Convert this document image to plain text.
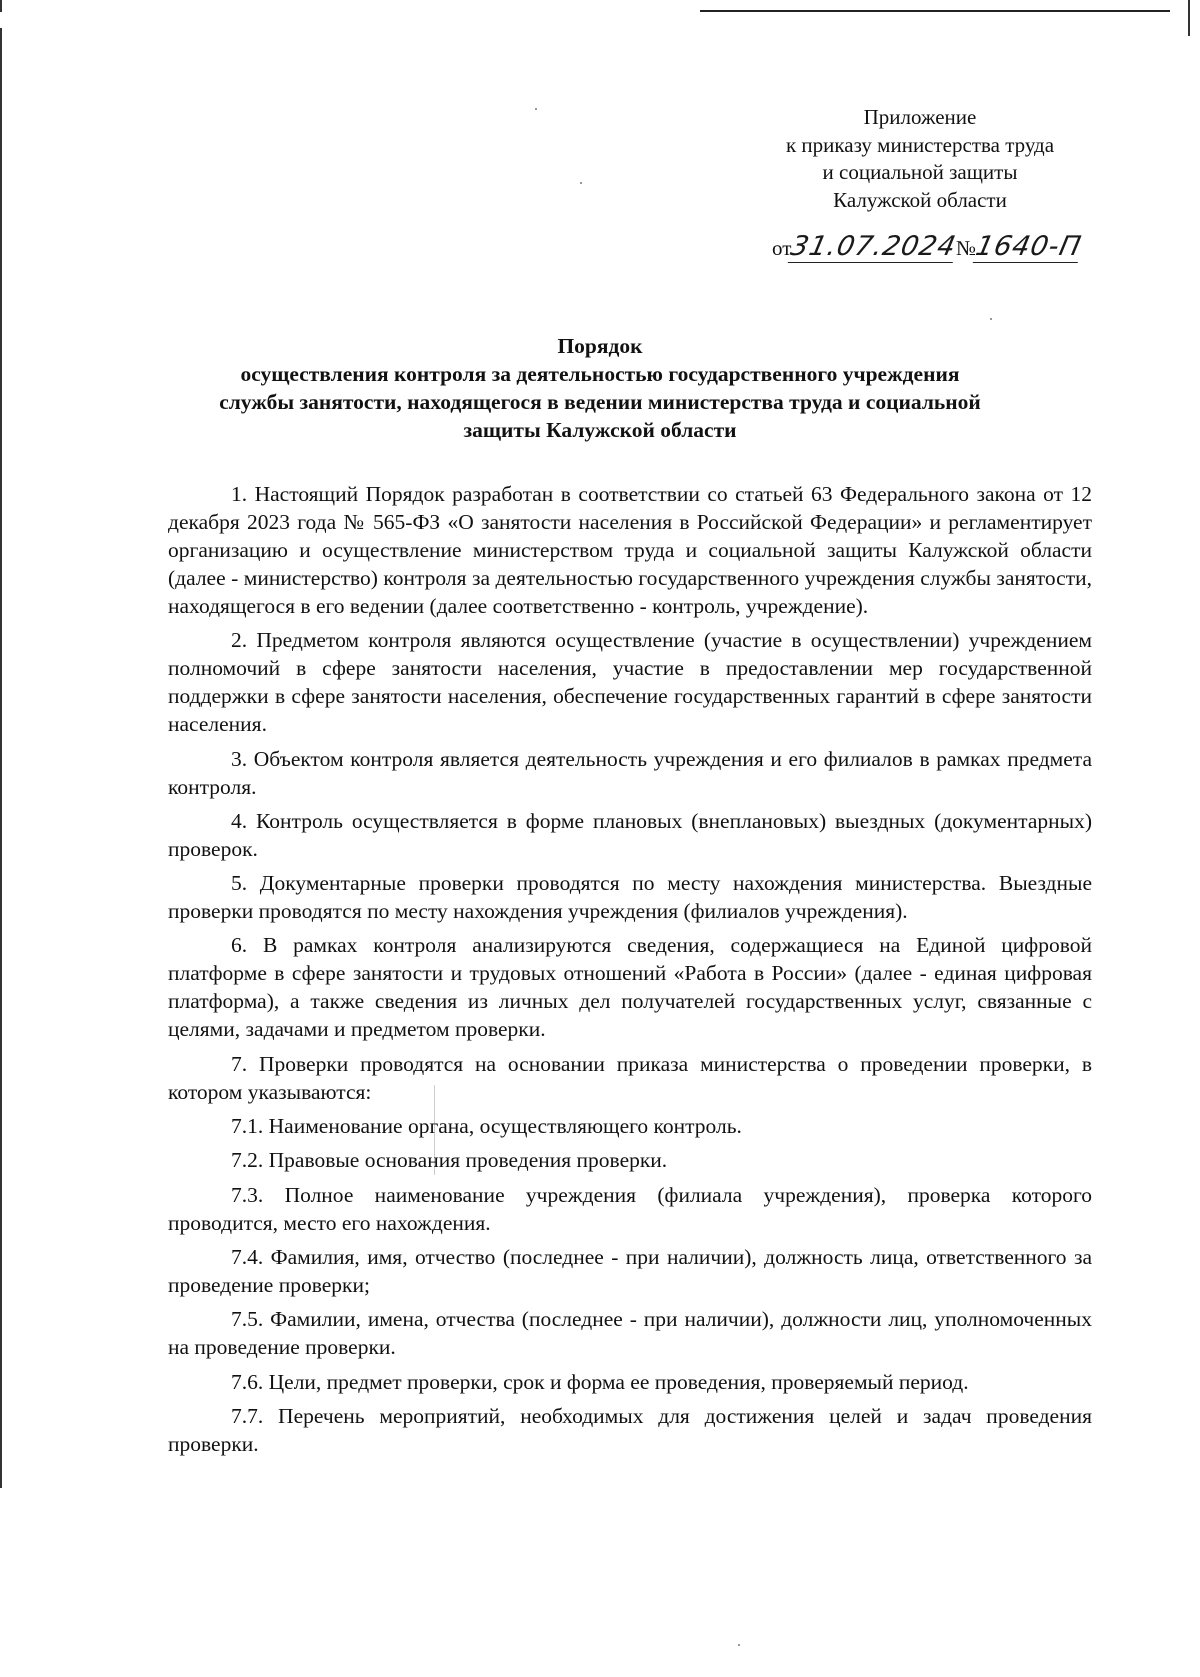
Приложение
к приказу министерства труда
и социальной защиты
Калужской области
от
31.07.2024
№
1640-П
Порядок
осуществления контроля за деятельностью государственного учреждения
службы занятости, находящегося в ведении министерства труда и социальной
защиты Калужской области

1. Настоящий Порядок разработан в соответствии со статьей 63 Федерального закона от 12 декабря 2023 года № 565-ФЗ «О занятости населения в Российской Федерации» и регламентирует организацию и осуществление министерством труда и социальной защиты Калужской области (далее - министерство) контроля за деятельностью государственного учреждения службы занятости, находящегося в его ведении (далее соответственно - контроль, учреждение).

2. Предметом контроля являются осуществление (участие в осуществлении) учреждением полномочий в сфере занятости населения, участие в предоставлении мер государственной поддержки в сфере занятости населения, обеспечение государственных гарантий в сфере занятости населения.

3. Объектом контроля является деятельность учреждения и его филиалов в рамках предмета контроля.

4. Контроль осуществляется в форме плановых (внеплановых) выездных (документарных) проверок.

5. Документарные проверки проводятся по месту нахождения министерства. Выездные проверки проводятся по месту нахождения учреждения (филиалов учреждения).

6. В рамках контроля анализируются сведения, содержащиеся на Единой цифровой платформе в сфере занятости и трудовых отношений «Работа в России» (далее - единая цифровая платформа), а также сведения из личных дел получателей государственных услуг, связанные с целями, задачами и предметом проверки.

7. Проверки проводятся на основании приказа министерства о проведении проверки, в котором указываются:

7.1. Наименование органа, осуществляющего контроль.

7.2. Правовые основания проведения проверки.

7.3. Полное наименование учреждения (филиала учреждения), проверка которого проводится, место его нахождения.

7.4. Фамилия, имя, отчество (последнее - при наличии), должность лица, ответственного за проведение проверки;

7.5. Фамилии, имена, отчества (последнее - при наличии), должности лиц, уполномоченных на проведение проверки.

7.6. Цели, предмет проверки, срок и форма ее проведения, проверяемый период.

7.7. Перечень мероприятий, необходимых для достижения целей и задач проведения проверки.
